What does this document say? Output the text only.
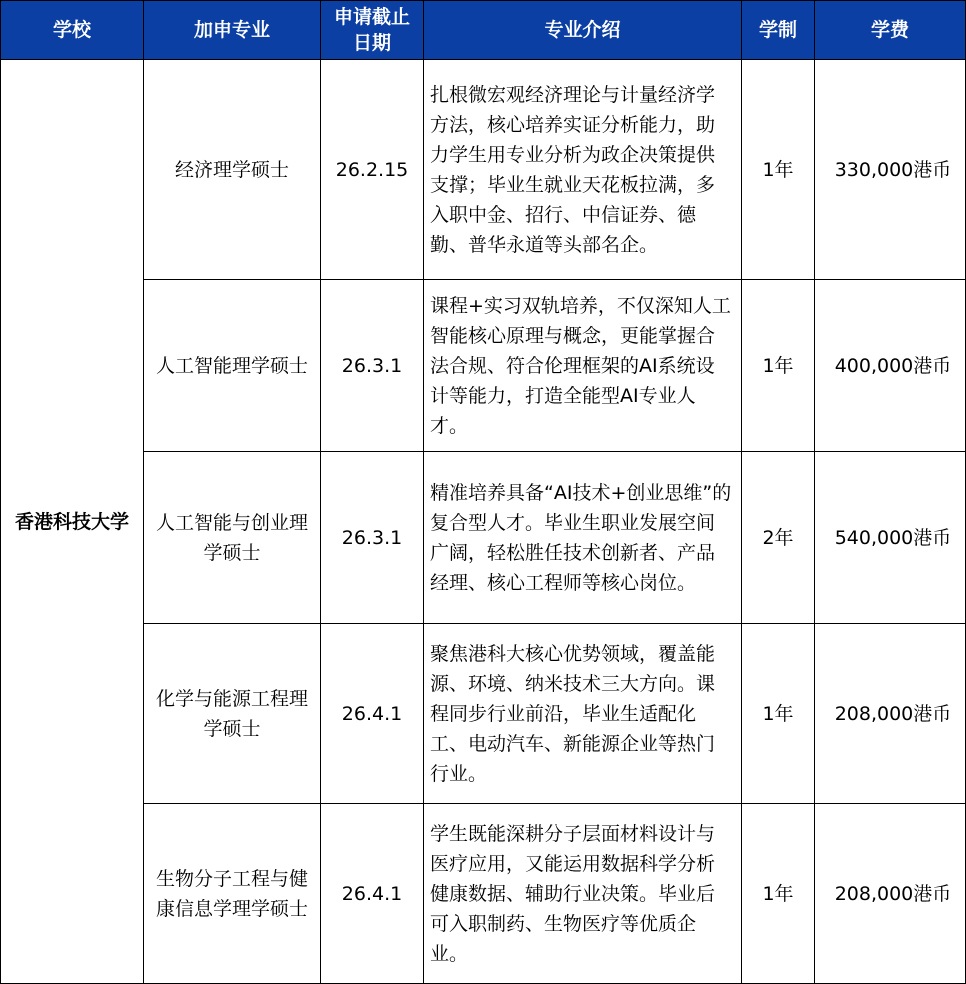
学校	加申专业	申请截止日期	专业介绍	学制	学费
香港科技大学	经济理学硕士	26.2.15	扎根微宏观经济理论与计量经济学方法，核心培养实证分析能力，助力学生用专业分析为政企决策提供支撑；毕业生就业天花板拉满，多入职中金、招行、中信证券、德勤、普华永道等头部名企。	1年	330,000港币
	人工智能理学硕士	26.3.1	课程+实习双轨培养，不仅深知人工智能核心原理与概念，更能掌握合法合规、符合伦理框架的AI系统设计等能力，打造全能型AI专业人才。	1年	400,000港币
	人工智能与创业理学硕士	26.3.1	精准培养具备“AI技术+创业思维”的复合型人才。毕业生职业发展空间广阔，轻松胜任技术创新者、产品经理、核心工程师等核心岗位。	2年	540,000港币
	化学与能源工程理学硕士	26.4.1	聚焦港科大核心优势领域，覆盖能源、环境、纳米技术三大方向。课程同步行业前沿，毕业生适配化工、电动汽车、新能源企业等热门行业。	1年	208,000港币
	生物分子工程与健康信息学理学硕士	26.4.1	学生既能深耕分子层面材料设计与医疗应用，又能运用数据科学分析健康数据、辅助行业决策。毕业后可入职制药、生物医疗等优质企业。	1年	208,000港币
